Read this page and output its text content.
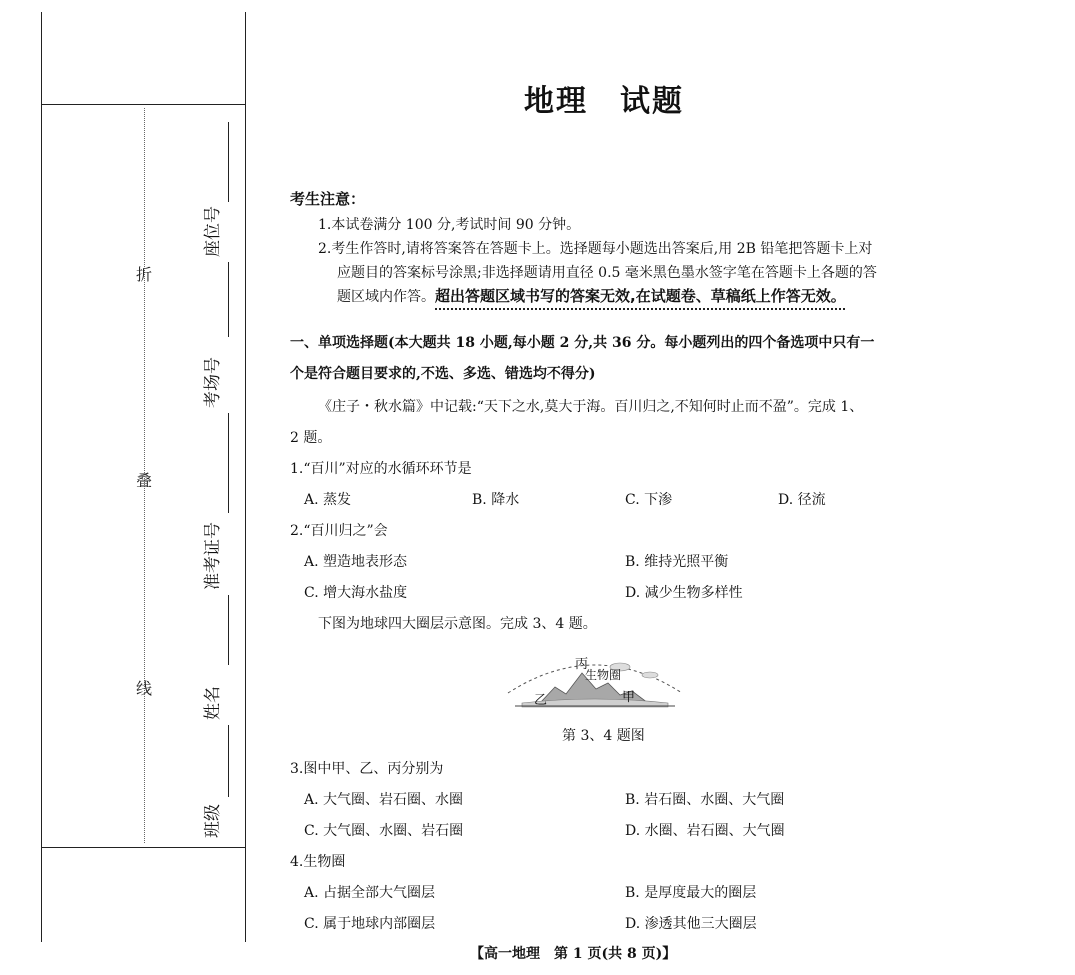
折
叠
线
座位号
考场号
准考证号
姓名
班级
地理　试题
考生注意：
1.本试卷满分 100 分,考试时间 90 分钟。
2.考生作答时,请将答案答在答题卡上。选择题每小题选出答案后,用 2B 铅笔把答题卡上对
应题目的答案标号涂黑;非选择题请用直径 0.5 毫米黑色墨水签字笔在答题卡上各题的答
题区域内作答。超出答题区域书写的答案无效,在试题卷、草稿纸上作答无效。
一、单项选择题(本大题共 18 小题,每小题 2 分,共 36 分。每小题列出的四个备选项中只有一
个是符合题目要求的,不选、多选、错选均不得分)
《庄子・秋水篇》中记载:“天下之水,莫大于海。百川归之,不知何时止而不盈”。完成 1、
2 题。
1.“百川”对应的水循环环节是
A. 蒸发	B. 降水	C. 下渗	D. 径流
2.“百川归之”会
A. 塑造地表形态	B. 维持光照平衡
C. 增大海水盐度	D. 减少生物多样性
下图为地球四大圈层示意图。完成 3、4 题。
丙
生物圈
乙	甲
第 3、4 题图
3.图中甲、乙、丙分别为
A. 大气圈、岩石圈、水圈	B. 岩石圈、水圈、大气圈
C. 大气圈、水圈、岩石圈	D. 水圈、岩石圈、大气圈
4.生物圈
A. 占据全部大气圈层	B. 是厚度最大的圈层
C. 属于地球内部圈层	D. 渗透其他三大圈层
【高一地理　第 1 页(共 8 页)】
